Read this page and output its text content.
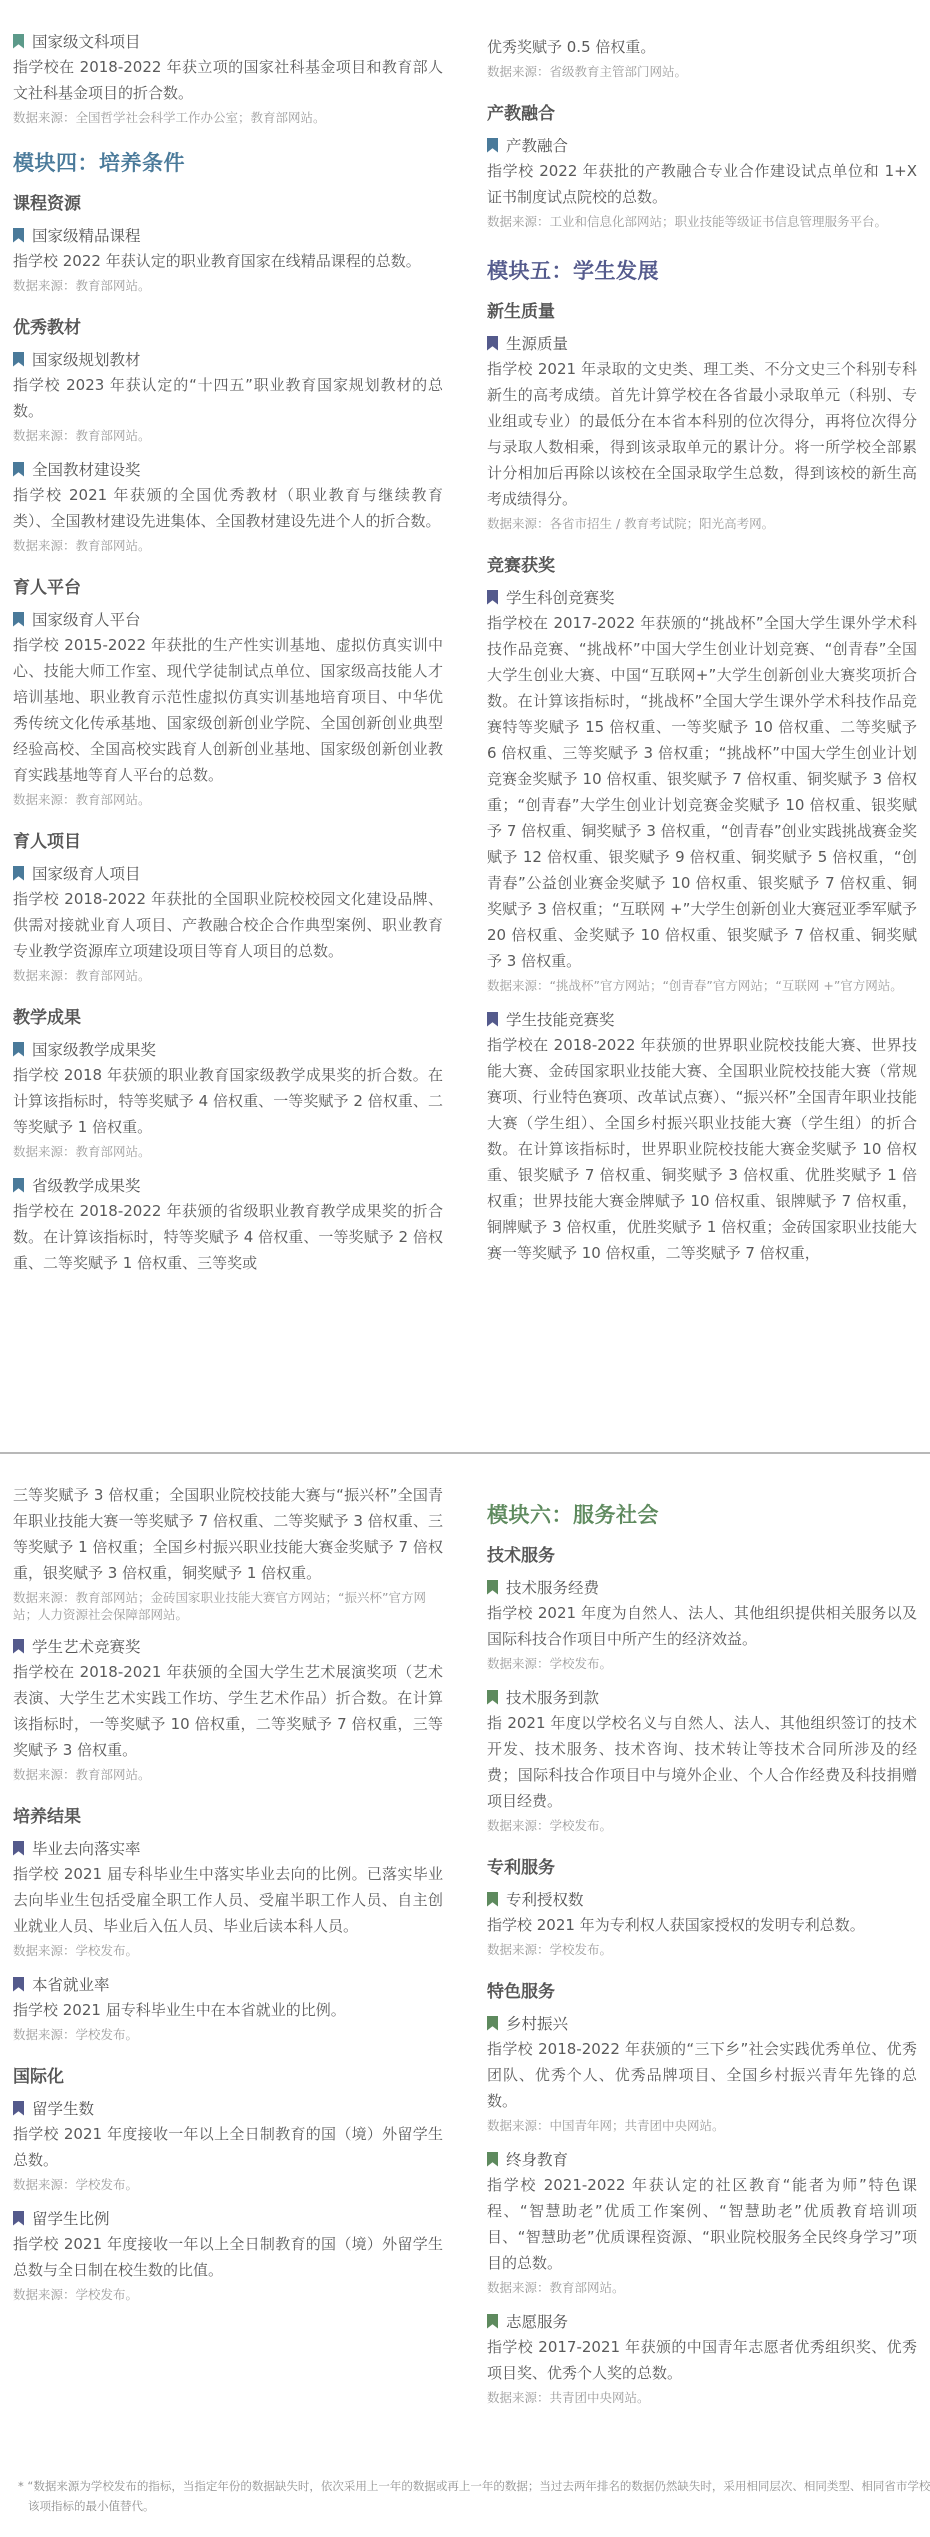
国家级文科项目
指学校在 2018-2022 年获立项的国家社科基金项目和教育部人文社科基金项目的折合数。
数据来源：全国哲学社会科学工作办公室；教育部网站。
模块四：培养条件
课程资源
国家级精品课程
指学校 2022 年获认定的职业教育国家在线精品课程的总数。
数据来源：教育部网站。
优秀教材
国家级规划教材
指学校 2023 年获认定的“十四五”职业教育国家规划教材的总数。
数据来源：教育部网站。
全国教材建设奖
指学校 2021 年获颁的全国优秀教材（职业教育与继续教育类）、全国教材建设先进集体、全国教材建设先进个人的折合数。
数据来源：教育部网站。
育人平台
国家级育人平台
指学校 2015-2022 年获批的生产性实训基地、虚拟仿真实训中心、技能大师工作室、现代学徒制试点单位、国家级高技能人才培训基地、职业教育示范性虚拟仿真实训基地培育项目、中华优秀传统文化传承基地、国家级创新创业学院、全国创新创业典型经验高校、全国高校实践育人创新创业基地、国家级创新创业教育实践基地等育人平台的总数。
数据来源：教育部网站。
育人项目
国家级育人项目
指学校 2018-2022 年获批的全国职业院校校园文化建设品牌、供需对接就业育人项目、产教融合校企合作典型案例、职业教育专业教学资源库立项建设项目等育人项目的总数。
数据来源：教育部网站。
教学成果
国家级教学成果奖
指学校 2018 年获颁的职业教育国家级教学成果奖的折合数。在计算该指标时，特等奖赋予 4 倍权重、一等奖赋予 2 倍权重、二等奖赋予 1 倍权重。
数据来源：教育部网站。
省级教学成果奖
指学校在 2018-2022 年获颁的省级职业教育教学成果奖的折合数。在计算该指标时，特等奖赋予 4 倍权重、一等奖赋予 2 倍权重、二等奖赋予 1 倍权重、三等奖或
优秀奖赋予 0.5 倍权重。
数据来源：省级教育主管部门网站。
产教融合
产教融合
指学校 2022 年获批的产教融合专业合作建设试点单位和 1+X 证书制度试点院校的总数。
数据来源：工业和信息化部网站；职业技能等级证书信息管理服务平台。
模块五：学生发展
新生质量
生源质量
指学校 2021 年录取的文史类、理工类、不分文史三个科别专科新生的高考成绩。首先计算学校在各省最小录取单元（科别、专业组或专业）的最低分在本省本科别的位次得分，再将位次得分与录取人数相乘，得到该录取单元的累计分。将一所学校全部累计分相加后再除以该校在全国录取学生总数，得到该校的新生高考成绩得分。
数据来源：各省市招生 / 教育考试院；阳光高考网。
竞赛获奖
学生科创竞赛奖
指学校在 2017-2022 年获颁的“挑战杯”全国大学生课外学术科技作品竞赛、“挑战杯”中国大学生创业计划竞赛、“创青春”全国大学生创业大赛、中国“互联网+”大学生创新创业大赛奖项折合数。在计算该指标时，“挑战杯”全国大学生课外学术科技作品竞赛特等奖赋予 15 倍权重、一等奖赋予 10 倍权重、二等奖赋予 6 倍权重、三等奖赋予 3 倍权重；“挑战杯”中国大学生创业计划竞赛金奖赋予 10 倍权重、银奖赋予 7 倍权重、铜奖赋予 3 倍权重；“创青春”大学生创业计划竞赛金奖赋予 10 倍权重、银奖赋予 7 倍权重、铜奖赋予 3 倍权重，“创青春”创业实践挑战赛金奖赋予 12 倍权重、银奖赋予 9 倍权重、铜奖赋予 5 倍权重，“创青春”公益创业赛金奖赋予 10 倍权重、银奖赋予 7 倍权重、铜奖赋予 3 倍权重；“互联网 +”大学生创新创业大赛冠亚季军赋予 20 倍权重、金奖赋予 10 倍权重、银奖赋予 7 倍权重、铜奖赋予 3 倍权重。
数据来源：“挑战杯”官方网站；“创青春”官方网站；“互联网 +”官方网站。
学生技能竞赛奖
指学校在 2018-2022 年获颁的世界职业院校技能大赛、世界技能大赛、金砖国家职业技能大赛、全国职业院校技能大赛（常规赛项、行业特色赛项、改革试点赛）、“振兴杯”全国青年职业技能大赛（学生组）、全国乡村振兴职业技能大赛（学生组）的折合数。在计算该指标时，世界职业院校技能大赛金奖赋予 10 倍权重、银奖赋予 7 倍权重、铜奖赋予 3 倍权重、优胜奖赋予 1 倍权重；世界技能大赛金牌赋予 10 倍权重、银牌赋予 7 倍权重，铜牌赋予 3 倍权重，优胜奖赋予 1 倍权重；金砖国家职业技能大赛一等奖赋予 10 倍权重，二等奖赋予 7 倍权重，
三等奖赋予 3 倍权重；全国职业院校技能大赛与“振兴杯”全国青年职业技能大赛一等奖赋予 7 倍权重、二等奖赋予 3 倍权重、三等奖赋予 1 倍权重；全国乡村振兴职业技能大赛金奖赋予 7 倍权重，银奖赋予 3 倍权重，铜奖赋予 1 倍权重。
数据来源：教育部网站；金砖国家职业技能大赛官方网站；“振兴杯”官方网站；人力资源社会保障部网站。
学生艺术竞赛奖
指学校在 2018-2021 年获颁的全国大学生艺术展演奖项（艺术表演、大学生艺术实践工作坊、学生艺术作品）折合数。在计算该指标时，一等奖赋予 10 倍权重，二等奖赋予 7 倍权重，三等奖赋予 3 倍权重。
数据来源：教育部网站。
培养结果
毕业去向落实率
指学校 2021 届专科毕业生中落实毕业去向的比例。已落实毕业去向毕业生包括受雇全职工作人员、受雇半职工作人员、自主创业就业人员、毕业后入伍人员、毕业后读本科人员。
数据来源：学校发布。
本省就业率
指学校 2021 届专科毕业生中在本省就业的比例。
数据来源：学校发布。
国际化
留学生数
指学校 2021 年度接收一年以上全日制教育的国（境）外留学生总数。
数据来源：学校发布。
留学生比例
指学校 2021 年度接收一年以上全日制教育的国（境）外留学生总数与全日制在校生数的比值。
数据来源：学校发布。
模块六：服务社会
技术服务
技术服务经费
指学校 2021 年度为自然人、法人、其他组织提供相关服务以及国际科技合作项目中所产生的经济效益。
数据来源：学校发布。
技术服务到款
指 2021 年度以学校名义与自然人、法人、其他组织签订的技术开发、技术服务、技术咨询、技术转让等技术合同所涉及的经费；国际科技合作项目中与境外企业、个人合作经费及科技捐赠项目经费。
数据来源：学校发布。
专利服务
专利授权数
指学校 2021 年为专利权人获国家授权的发明专利总数。
数据来源：学校发布。
特色服务
乡村振兴
指学校 2018-2022 年获颁的“三下乡”社会实践优秀单位、优秀团队、优秀个人、优秀品牌项目、全国乡村振兴青年先锋的总数。
数据来源：中国青年网；共青团中央网站。
终身教育
指学校 2021-2022 年获认定的社区教育“能者为师”特色课程、“智慧助老”优质工作案例、“智慧助老”优质教育培训项目、“智慧助老”优质课程资源、“职业院校服务全民终身学习”项目的总数。
数据来源：教育部网站。
志愿服务
指学校 2017-2021 年获颁的中国青年志愿者优秀组织奖、优秀项目奖、优秀个人奖的总数。
数据来源：共青团中央网站。
* “数据来源为学校发布的指标，当指定年份的数据缺失时，依次采用上一年的数据或再上一年的数据；当过去两年排名的数据仍然缺失时，采用相同层次、相同类型、相同省市学校该项指标的最小值替代。
